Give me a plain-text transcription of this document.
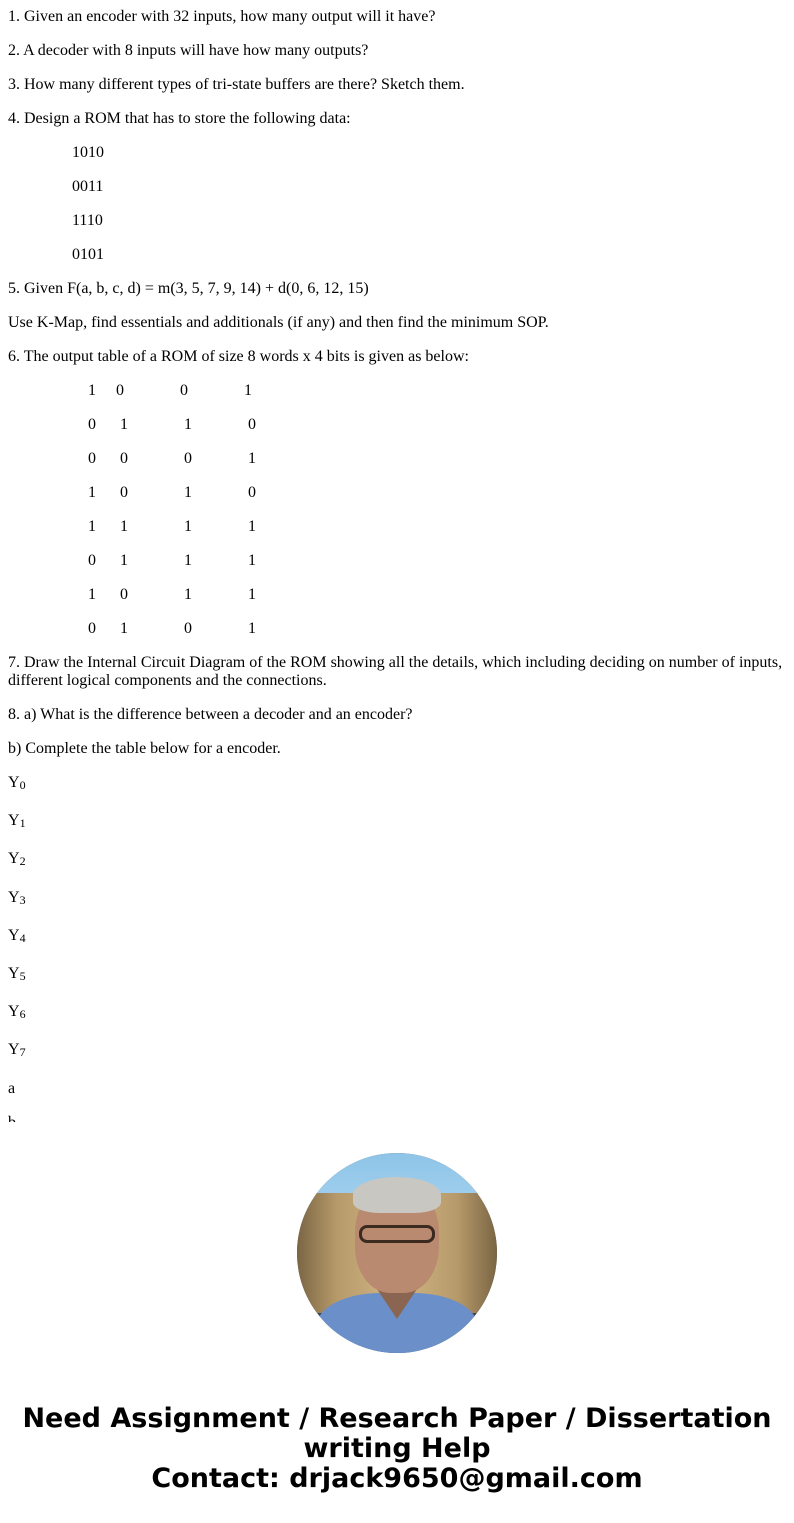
1. Given an encoder with 32 inputs, how many output will it have?

2. A decoder with 8 inputs will have how many outputs?

3. How many different types of tri-state buffers are there? Sketch them.

4. Design a ROM that has to store the following data:

1010

0011

1110

0101

5. Given F(a, b, c, d) = m(3, 5, 7, 9, 14) + d(0, 6, 12, 15)

Use K-Map, find essentials and additionals (if any) and then find the minimum SOP.

6. The output table of a ROM of size 8 words x 4 bits is given as below:

1 0	0	1
0 1	1	0
0 0	0	1
1 0	1	0
1 1	1	1
0 1	1	1
1 0	1	1
0 1	0	1

7. Draw the Internal Circuit Diagram of the ROM showing all the details, which including deciding on number of inputs,

different logical components and the connections.

8. a) What is the difference between a decoder and an encoder?

b) Complete the table below for a encoder.

$Y_0$
$Y_1$
$Y_2$
$Y_3$
$Y_4$
$Y_5$
$Y_6$
$Y_7$

a

Need Assignment / Research Paper / Dissertation
writing Help
Contact: drjack9650@gmail.com
